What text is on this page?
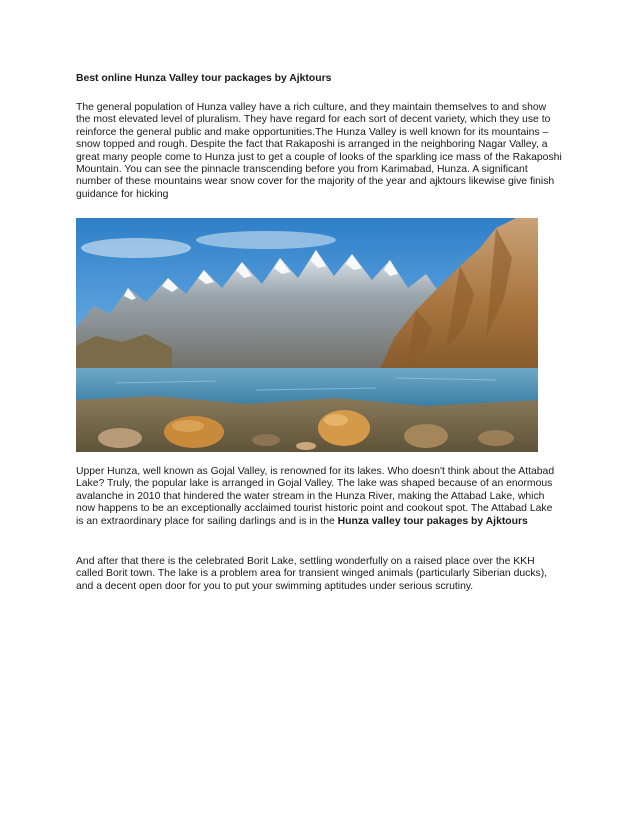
Best online Hunza Valley tour packages by Ajktours

The general population of Hunza valley have a rich culture, and they maintain themselves to and show the most elevated level of pluralism. They have regard for each sort of decent variety, which they use to reinforce the general public and make opportunities.The Hunza Valley is well known for its mountains – snow topped and rough. Despite the fact that Rakaposhi is arranged in the neighboring Nagar Valley, a great many people come to Hunza just to get a couple of looks of the sparkling ice mass of the Rakaposhi Mountain. You can see the pinnacle transcending before you from Karimabad, Hunza. A significant number of these mountains wear snow cover for the majority of the year and ajktours likewise give finish guidance for hicking

Upper Hunza, well known as Gojal Valley, is renowned for its lakes. Who doesn't think about the Attabad Lake? Truly, the popular lake is arranged in Gojal Valley. The lake was shaped because of an enormous avalanche in 2010 that hindered the water stream in the Hunza River, making the Attabad Lake, which now happens to be an exceptionally acclaimed tourist historic point and cookout spot. The Attabad Lake is an extraordinary place for sailing darlings and is in the Hunza valley tour pakages by Ajktours

And after that there is the celebrated Borit Lake, settling wonderfully on a raised place over the KKH called Borit town. The lake is a problem area for transient winged animals (particularly Siberian ducks), and a decent open door for you to put your swimming aptitudes under serious scrutiny.
